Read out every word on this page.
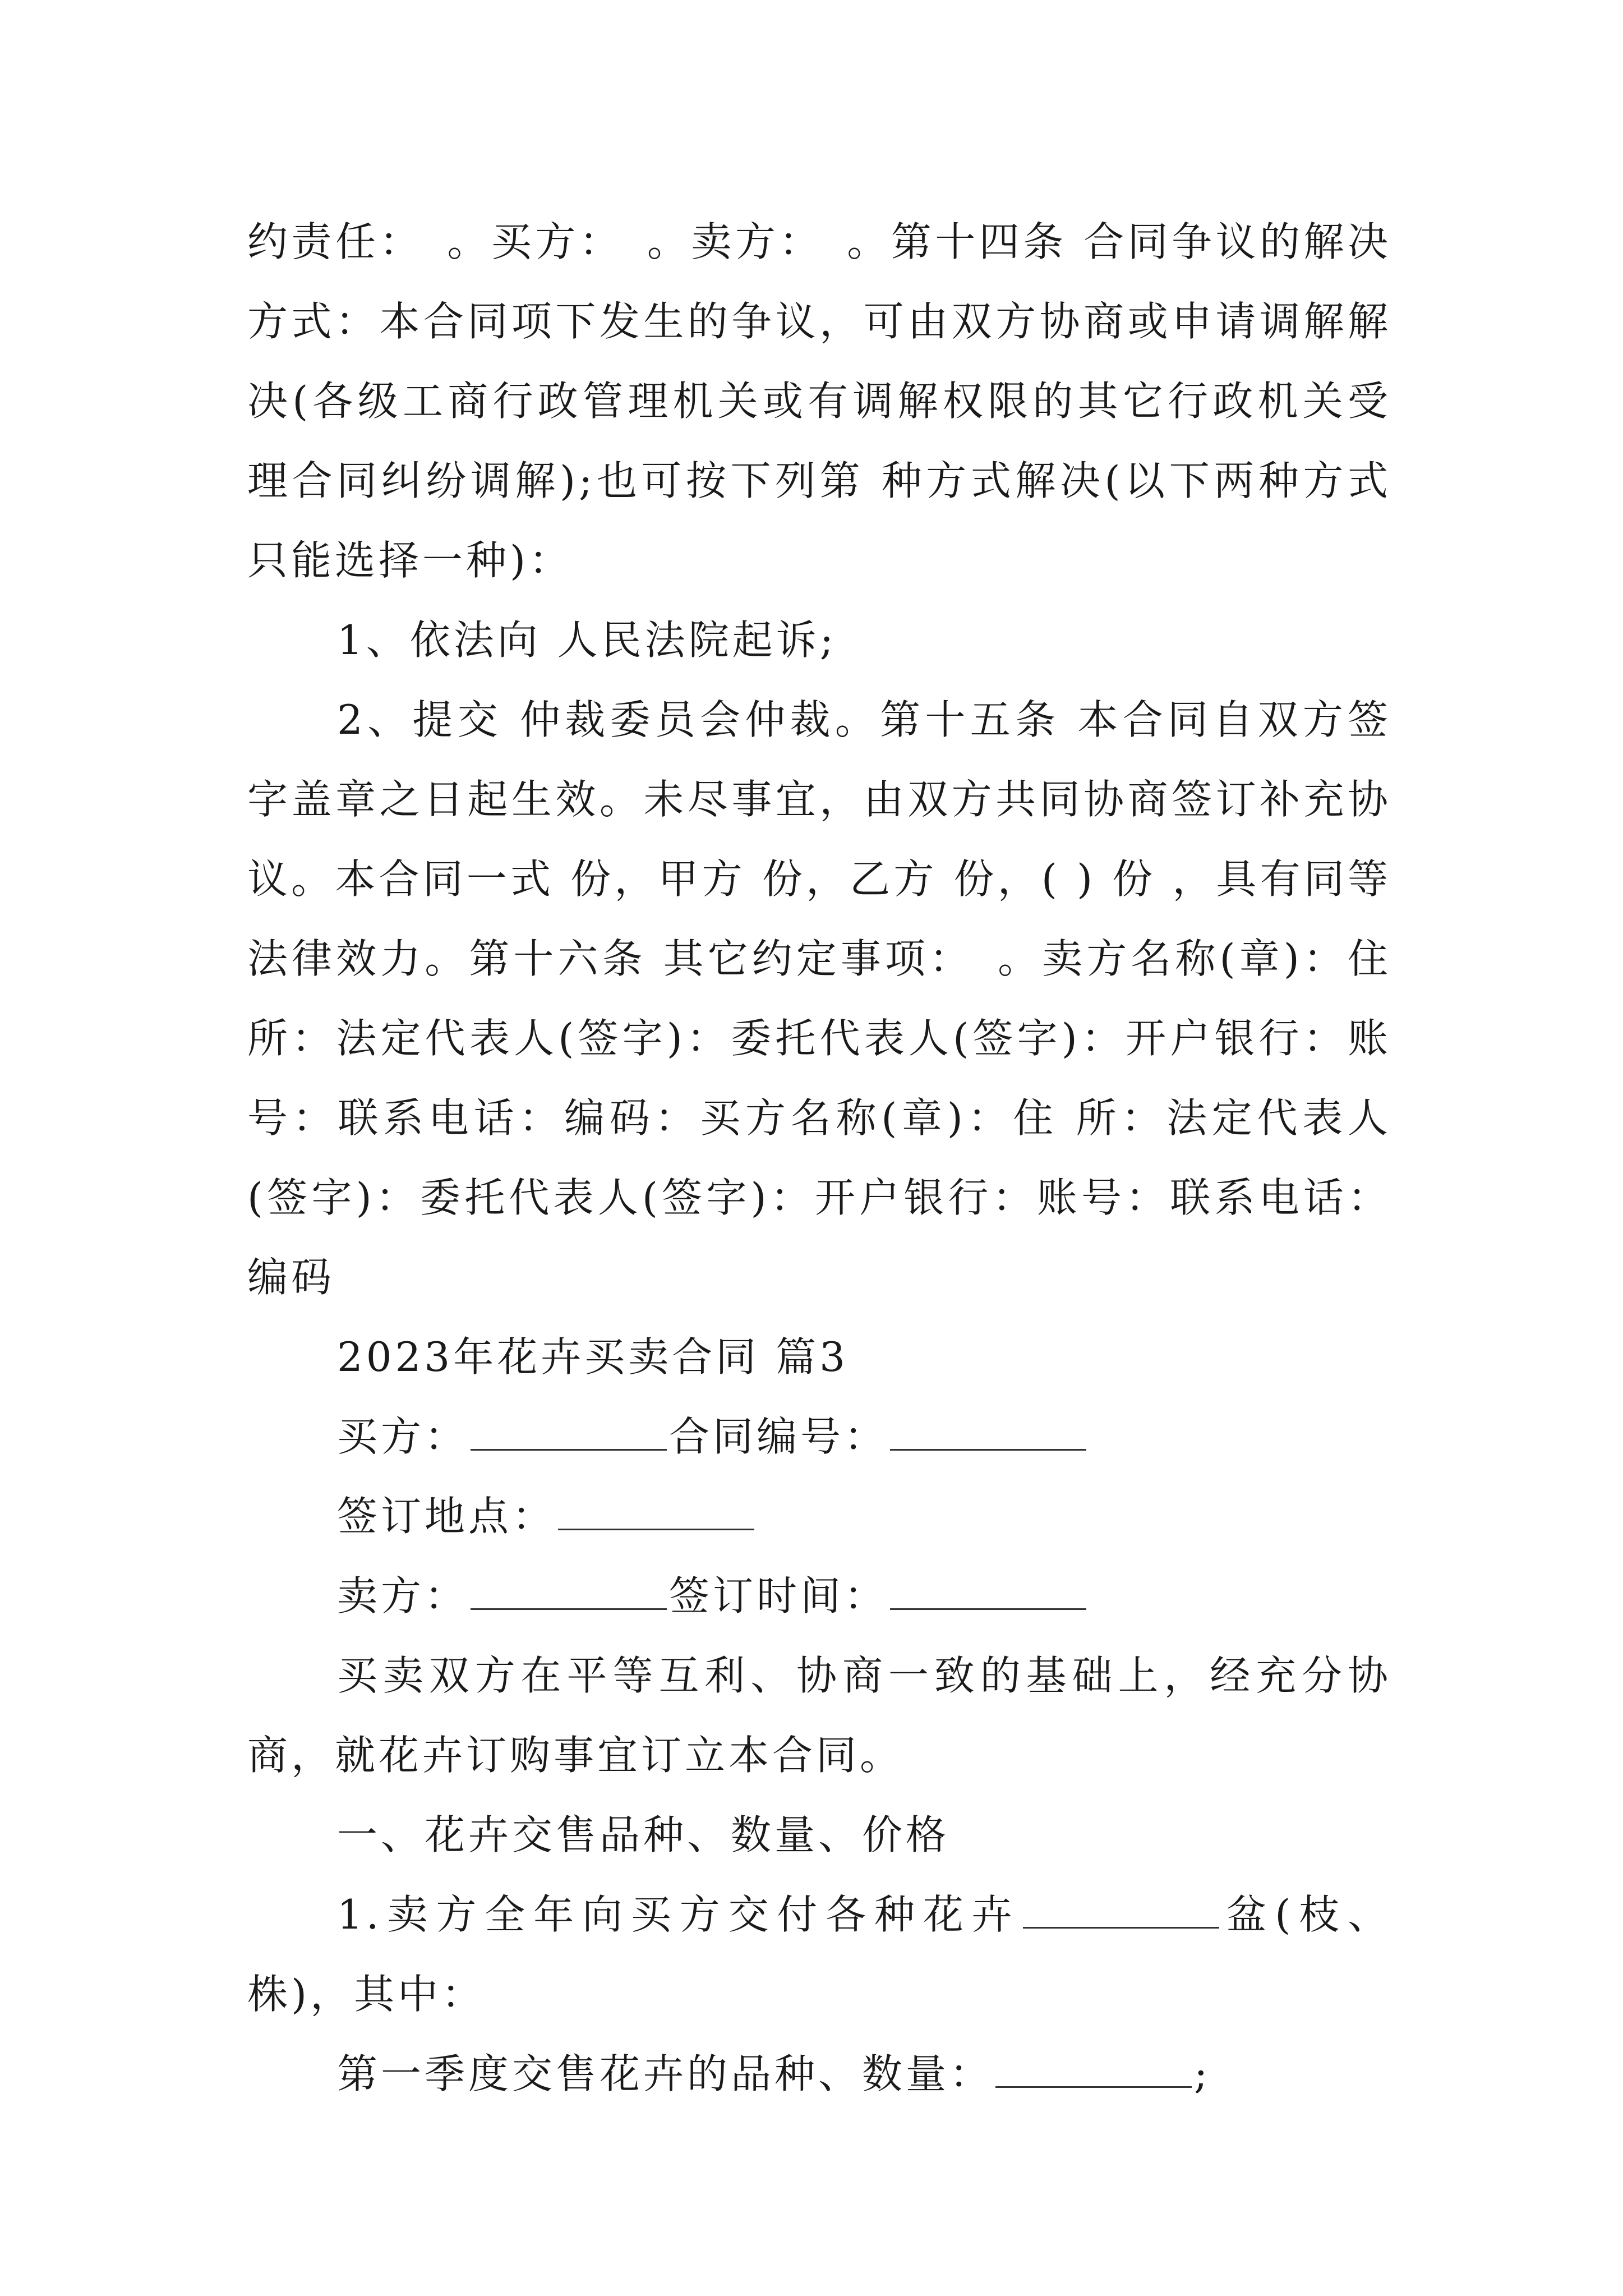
约责任：　。买方：　。卖方：　。第十四条 合同争议的解决方式：本合同项下发生的争议，可由双方协商或申请调解解决(各级工商行政管理机关或有调解权限的其它行政机关受理合同纠纷调解);也可按下列第 种方式解决(以下两种方式只能选择一种)：

1、依法向 人民法院起诉;

2、提交 仲裁委员会仲裁。第十五条 本合同自双方签字盖章之日起生效。未尽事宜，由双方共同协商签订补充协议。本合同一式 份，甲方 份，乙方 份，( ) 份 ，具有同等法律效力。第十六条 其它约定事项：　。卖方名称(章)：住 所：法定代表人(签字)：委托代表人(签字)：开户银行：账号：联系电话：编码：买方名称(章)：住 所：法定代表人(签字)：委托代表人(签字)：开户银行：账号：联系电话：编码

2023年花卉买卖合同 篇3

买方：	合同编号：

签订地点：

卖方：	签订时间：

买卖双方在平等互利、协商一致的基础上，经充分协商，就花卉订购事宜订立本合同。

一、花卉交售品种、数量、价格

1.卖方全年向买方交付各种花卉	盆(枝、株)，其中：

第一季度交售花卉的品种、数量：	;
